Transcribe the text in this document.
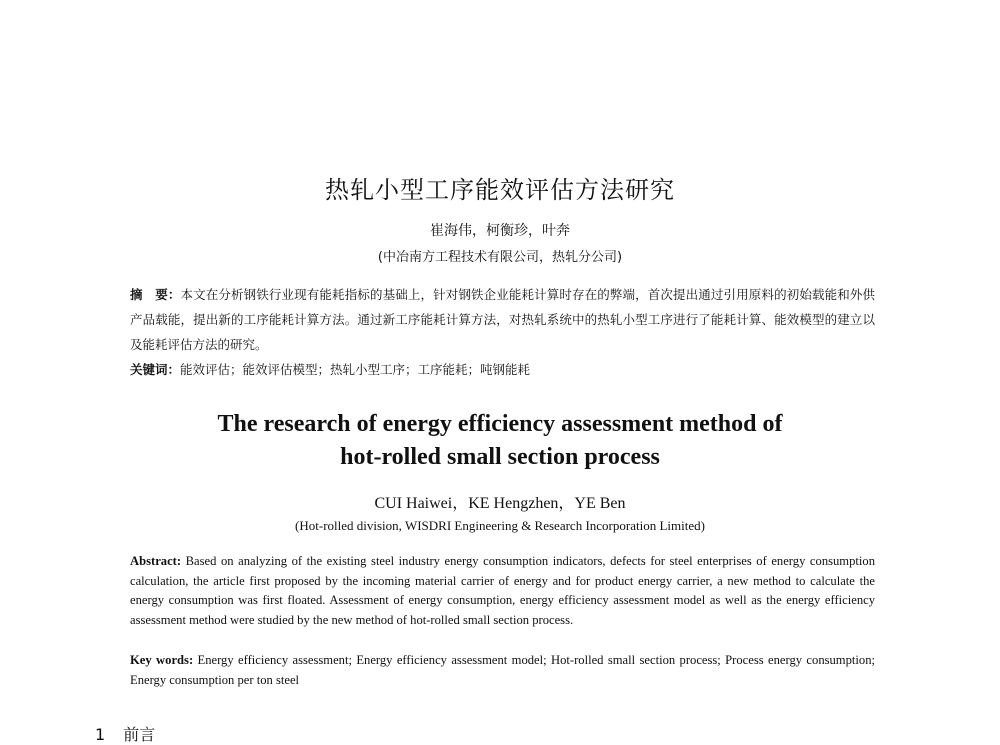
热轧小型工序能效评估方法研究
崔海伟，柯衡珍，叶奔
(中冶南方工程技术有限公司，热轧分公司)
摘　要：本文在分析钢铁行业现有能耗指标的基础上，针对钢铁企业能耗计算时存在的弊端，首次提出通过引用原料的初始载能和外供产品载能，提出新的工序能耗计算方法。通过新工序能耗计算方法，对热轧系统中的热轧小型工序进行了能耗计算、能效模型的建立以及能耗评估方法的研究。
关键词：能效评估；能效评估模型；热轧小型工序；工序能耗；吨钢能耗
The research of energy efficiency assessment method of
hot-rolled small section process
CUI Haiwei，KE Hengzhen，YE Ben
(Hot-rolled division, WISDRI Engineering & Research Incorporation Limited)
Abstract: Based on analyzing of the existing steel industry energy consumption indicators, defects for steel enterprises of energy consumption calculation, the article first proposed by the incoming material carrier of energy and for product energy carrier, a new method to calculate the energy consumption was first floated. Assessment of energy consumption, energy efficiency assessment model as well as the energy efficiency assessment method were studied by the new method of hot-rolled small section process.
Key words: Energy efficiency assessment; Energy efficiency assessment model; Hot-rolled small section process; Process energy consumption; Energy consumption per ton steel
1 前言
